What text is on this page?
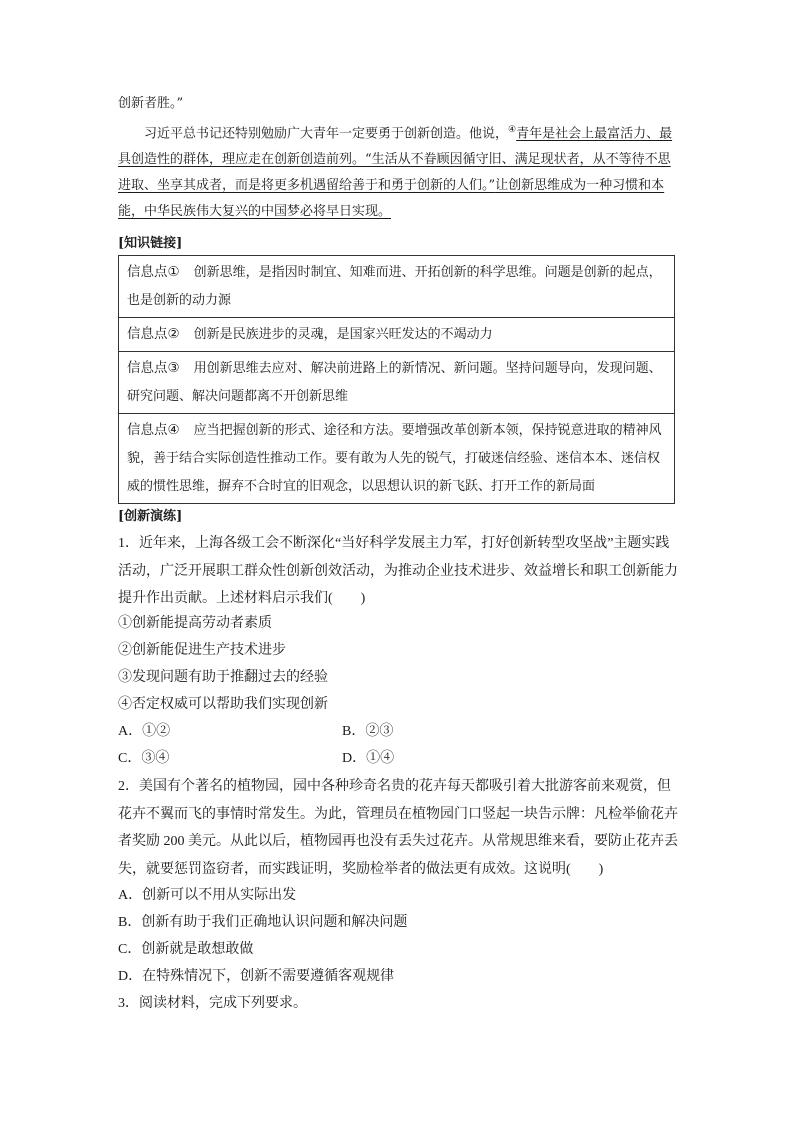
创新者胜。”
习近平总书记还特别勉励广大青年一定要勇于创新创造。他说，④青年是社会上最富活力、最具创造性的群体，理应走在创新创造前列。“生活从不眷顾因循守旧、满足现状者，从不等待不思进取、坐享其成者，而是将更多机遇留给善于和勇于创新的人们。”让创新思维成为一种习惯和本能，中华民族伟大复兴的中国梦必将早日实现。
[知识链接]
信息点① 创新思维，是指因时制宜、知难而进、开拓创新的科学思维。问题是创新的起点，也是创新的动力源
信息点② 创新是民族进步的灵魂，是国家兴旺发达的不竭动力
信息点③ 用创新思维去应对、解决前进路上的新情况、新问题。坚持问题导向，发现问题、研究问题、解决问题都离不开创新思维
信息点④ 应当把握创新的形式、途径和方法。要增强改革创新本领，保持锐意进取的精神风貌，善于结合实际创造性推动工作。要有敢为人先的锐气，打破迷信经验、迷信本本、迷信权威的惯性思维，摒弃不合时宜的旧观念，以思想认识的新飞跃、打开工作的新局面
[创新演练]
1．近年来，上海各级工会不断深化“当好科学发展主力军，打好创新转型攻坚战”主题实践活动，广泛开展职工群众性创新创效活动，为推动企业技术进步、效益增长和职工创新能力提升作出贡献。上述材料启示我们(　　)
①创新能提高劳动者素质
②创新能促进生产技术进步
③发现问题有助于推翻过去的经验
④否定权威可以帮助我们实现创新
A．①②	B．②③
C．③④	D．①④
2．美国有个著名的植物园，园中各种珍奇名贵的花卉每天都吸引着大批游客前来观赏，但花卉不翼而飞的事情时常发生。为此，管理员在植物园门口竖起一块告示牌：凡检举偷花卉者奖励 200 美元。从此以后，植物园再也没有丢失过花卉。从常规思维来看，要防止花卉丢失，就要惩罚盗窃者，而实践证明，奖励检举者的做法更有成效。这说明(　　)
A．创新可以不用从实际出发
B．创新有助于我们正确地认识问题和解决问题
C．创新就是敢想敢做
D．在特殊情况下，创新不需要遵循客观规律
3．阅读材料，完成下列要求。
